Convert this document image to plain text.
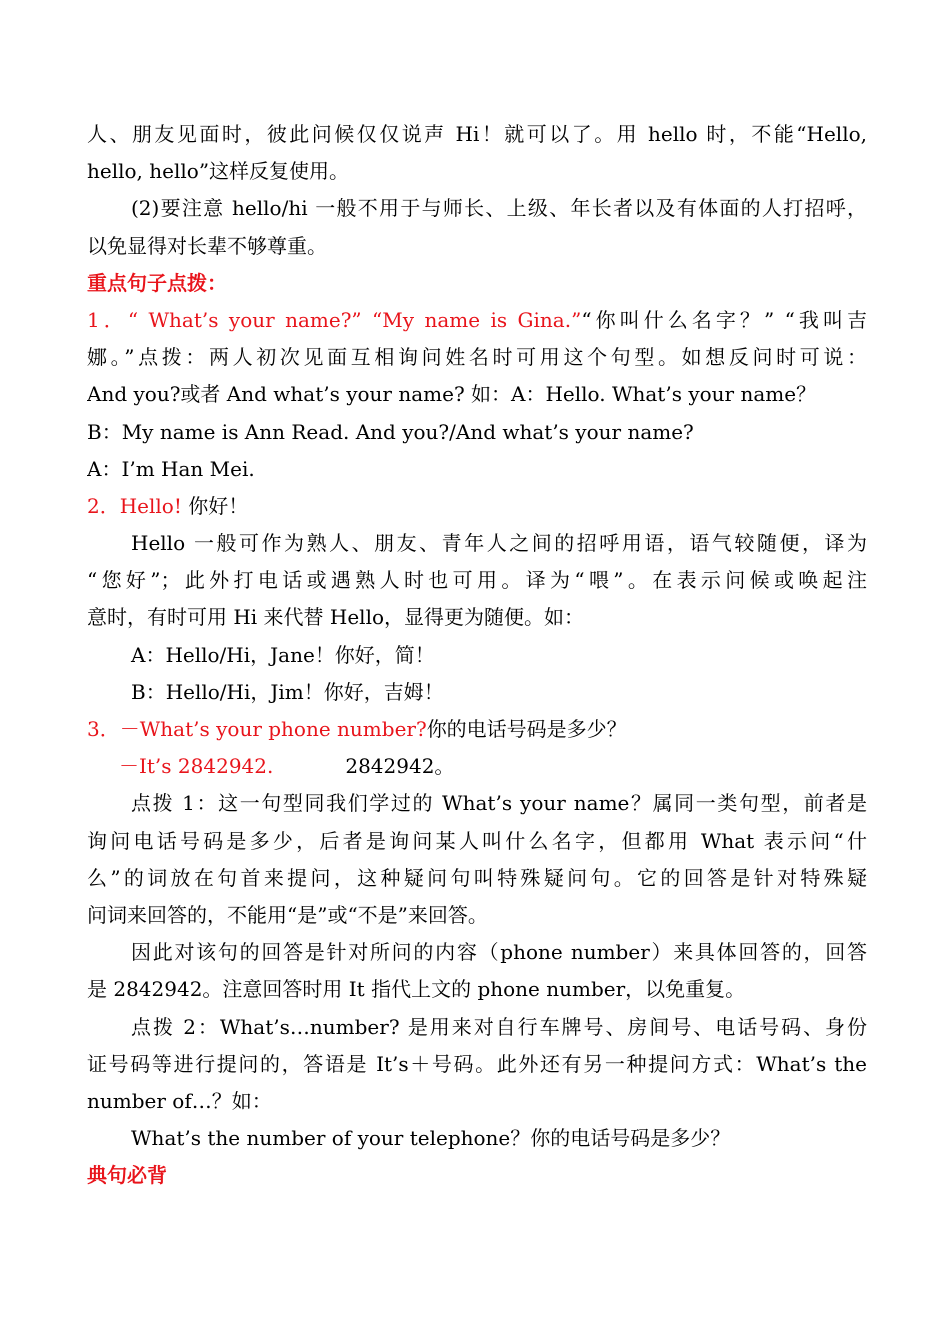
人、朋友见面时，彼此问候仅仅说声 Hi！就可以了。用 hello 时，不能“Hello,
hello, hello”这样反复使用。
(2)要注意 hello/hi 一般不用于与师长、上级、年长者以及有体面的人打招呼，
以免显得对长辈不够尊重。
重点句子点拨：
1．“ What’s your name?” “My name is Gina.”“你叫什么名字？” “我叫吉
娜。”点拨：两人初次见面互相询问姓名时可用这个句型。如想反问时可说：
And you?或者 And what’s your name? 如：A：Hello. What’s your name？
B：My name is Ann Read. And you?/And what’s your name?
A：I’m Han Mei.
2．Hello! 你好！
Hello 一般可作为熟人、朋友、青年人之间的招呼用语，语气较随便，译为
“您好”；此外打电话或遇熟人时也可用。译为“喂”。在表示问候或唤起注
意时，有时可用 Hi 来代替 Hello，显得更为随便。如：
A：Hello/Hi，Jane！你好，简！
B：Hello/Hi，Jim！你好，吉姆！
3．－What’s your phone number?你的电话号码是多少？
－It’s 2842942.	2842942。
点拨 1：这一句型同我们学过的 What’s your name？属同一类句型，前者是
询问电话号码是多少，后者是询问某人叫什么名字，但都用 What 表示问“什
么”的词放在句首来提问，这种疑问句叫特殊疑问句。它的回答是针对特殊疑
问词来回答的，不能用“是”或“不是”来回答。
因此对该句的回答是针对所问的内容（phone number）来具体回答的，回答
是 2842942。注意回答时用 It 指代上文的 phone number，以免重复。
点拨 2：What’s…number? 是用来对自行车牌号、房间号、电话号码、身份
证号码等进行提问的，答语是 It’s＋号码。此外还有另一种提问方式：What’s the
number of…？如：
What’s the number of your telephone？你的电话号码是多少？
典句必背
